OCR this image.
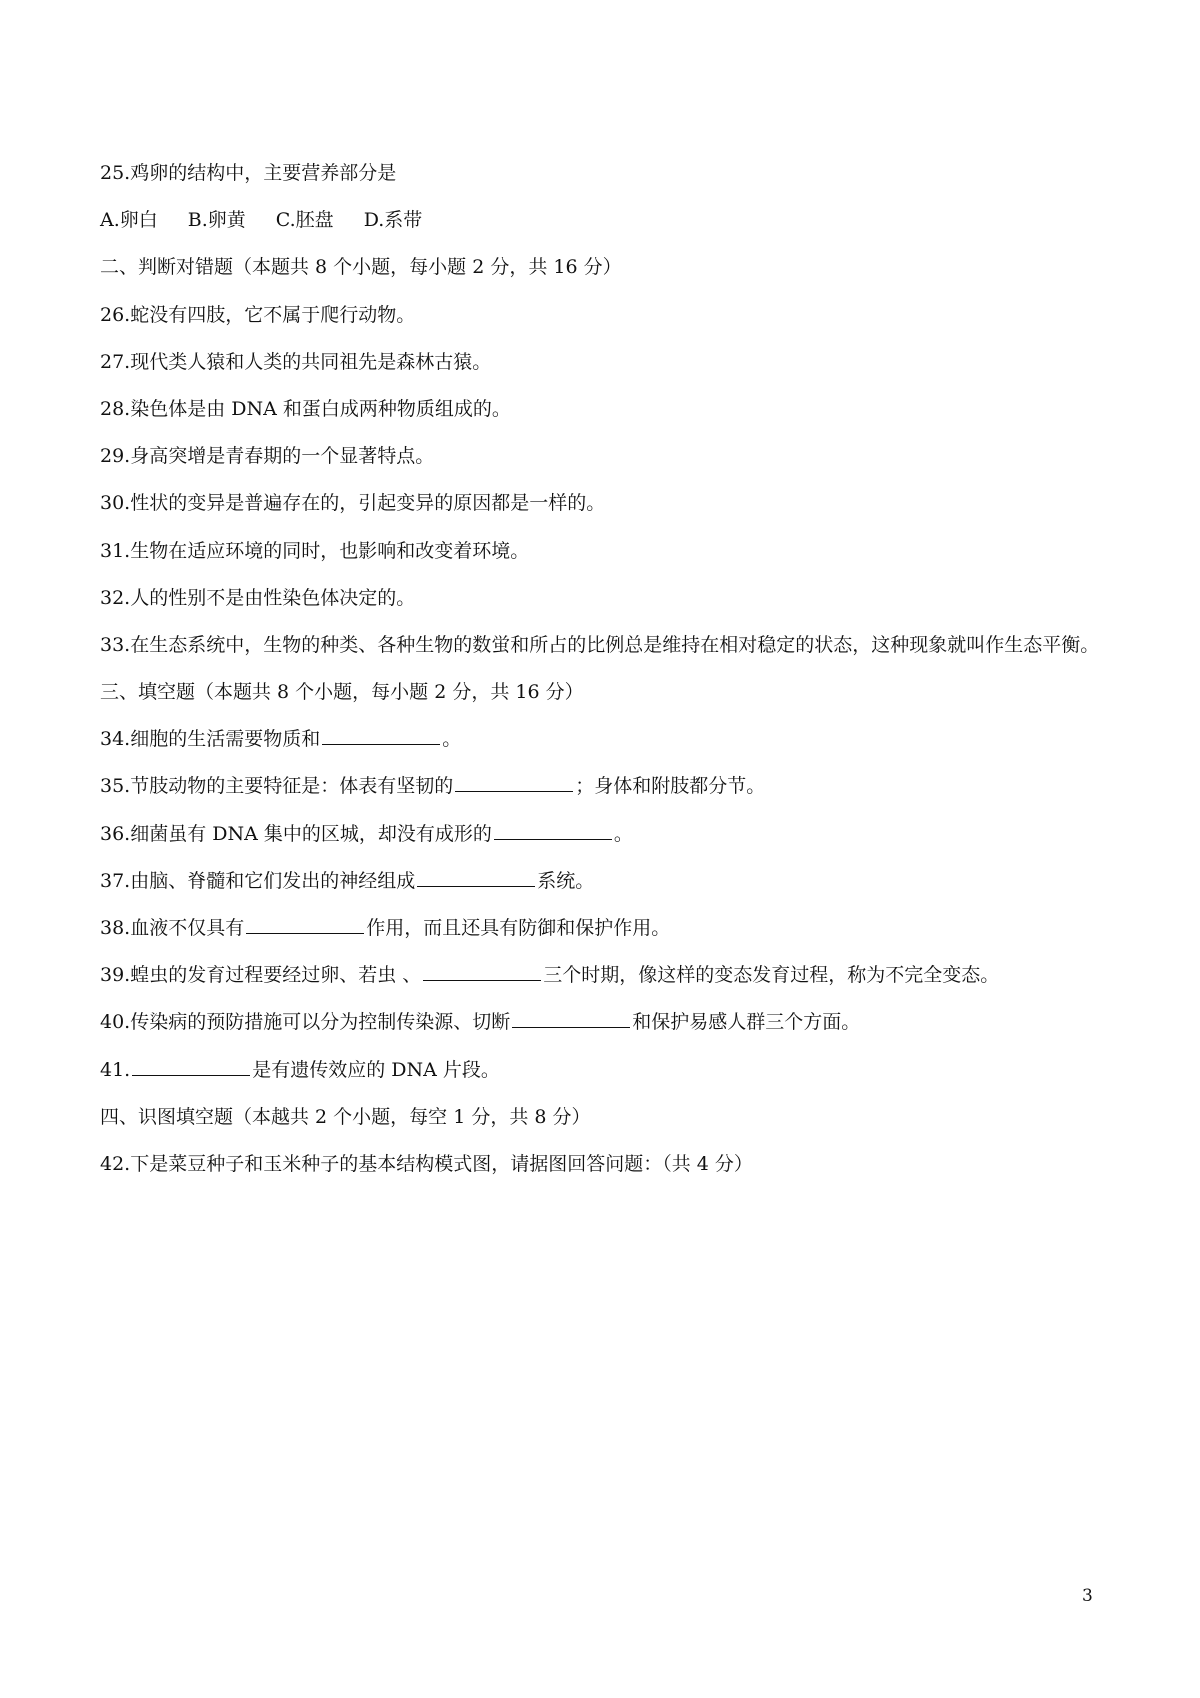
25.鸡卵的结构中，主要营养部分是
A.卵白 B.卵黄 C.胚盘 D.系带
二、判断对错题（本题共 8 个小题，每小题 2 分，共 16 分）
26.蛇没有四肢，它不属于爬行动物。
27.现代类人猿和人类的共同祖先是森林古猿。
28.染色体是由 DNA 和蛋白成两种物质组成的。
29.身高突增是青春期的一个显著特点。
30.性状的变异是普遍存在的，引起变异的原因都是一样的。
31.生物在适应环境的同时，也影响和改变着环境。
32.人的性别不是由性染色体决定的。
33.在生态系统中，生物的种类、各种生物的数蛍和所占的比例总是维持在相对稳定的状态，这种现象就叫作生态平衡。
三、填空题（本题共 8 个小题，每小题 2 分，共 16 分）
34.细胞的生活需要物质和	。
35.节肢动物的主要特征是：体表有坚韧的	；身体和附肢都分节。
36.细菌虽有 DNA 集中的区城，却没有成形的	。
37.由脑、脊髓和它们发出的神经组成	系统。
38.血液不仅具有	作用，而且还具有防御和保护作用。
39.蝗虫的发育过程要经过卵、若虫 、	三个时期，像这样的变态发育过程，称为不完全变态。
40.传染病的预防措施可以分为控制传染源、切断	和保护易感人群三个方面。
41.	是有遗传效应的 DNA 片段。
四、识图填空题（本越共 2 个小题，每空 1 分，共 8 分）
42.下是菜豆种子和玉米种子的基本结构模式图，请据图回答问题：（共 4 分）
3
